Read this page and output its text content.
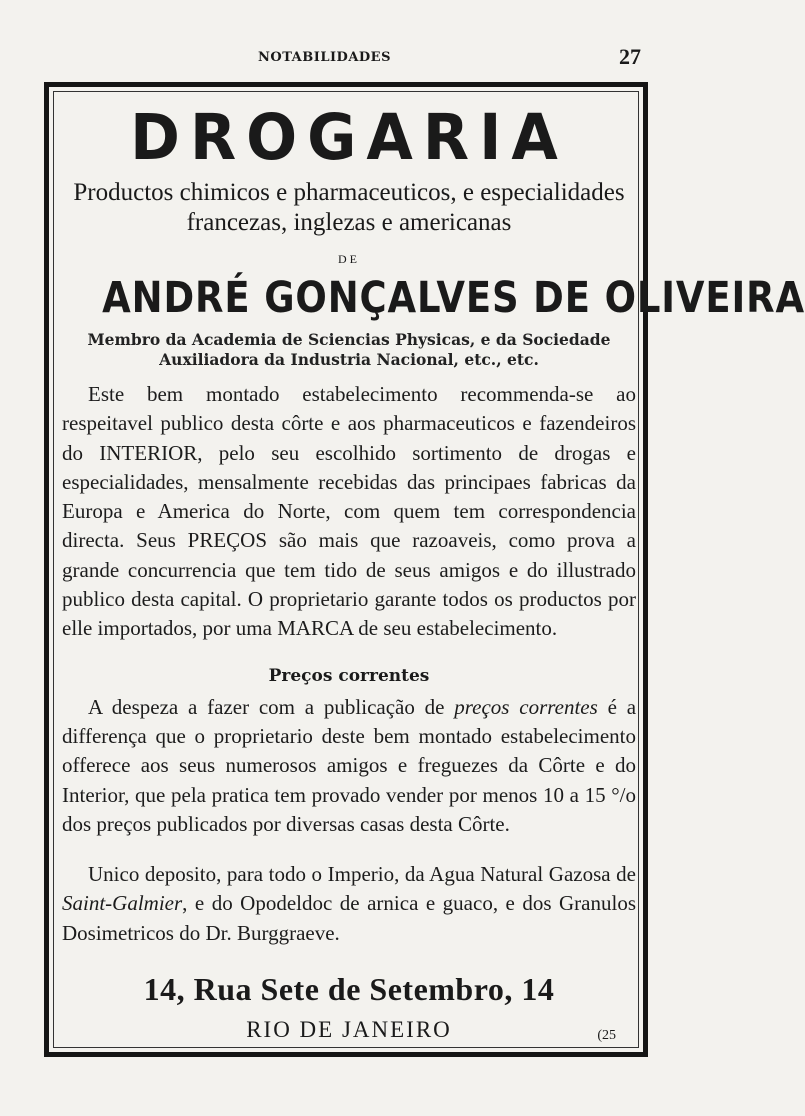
NOTABILIDADES	27
DROGARIA
Productos chimicos e pharmaceuticos, e especialidades
francezas, inglezas e americanas
DE
ANDRÉ GONÇALVES DE OLIVEIRA
Membro da Academia de Sciencias Physicas, e da Sociedade
Auxiliadora da Industria Nacional, etc., etc.

Este bem montado estabelecimento recommenda-se ao respeitavel publico desta côrte e aos pharmaceuticos e fazendeiros do INTERIOR, pelo seu escolhido sortimento de drogas e especialidades, mensalmente recebidas das principaes fabricas da Europa e America do Norte, com quem tem correspondencia directa. Seus PREÇOS são mais que razoaveis, como prova a grande concurrencia que tem tido de seus amigos e do illustrado publico desta capital. O proprietario garante todos os productos por elle importados, por uma MARCA de seu estabelecimento.

Preços correntes

A despeza a fazer com a publicação de preços correntes é a differença que o proprietario deste bem montado estabelecimento offerece aos seus numerosos amigos e freguezes da Côrte e do Interior, que pela pratica tem provado vender por menos 10 a 15 °/o dos preços publicados por diversas casas desta Côrte.

Unico deposito, para todo o Imperio, da Agua Natural Gazosa de Saint-Galmier, e do Opodeldoc de arnica e guaco, e dos Granulos Dosimetricos do Dr. Burggraeve.

14, Rua Sete de Setembro, 14
RIO DE JANEIRO	(25
